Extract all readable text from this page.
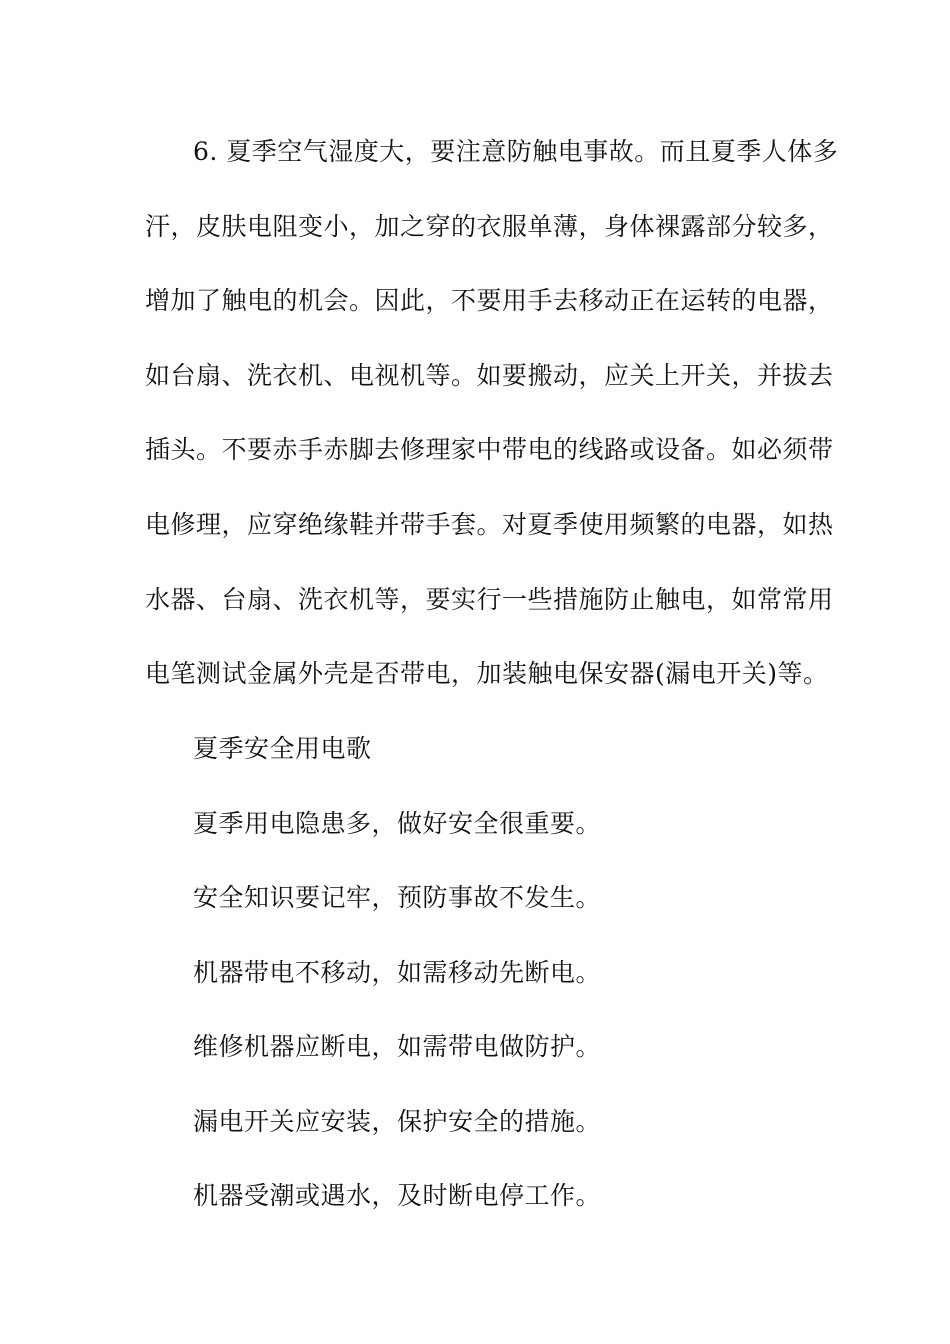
6. 夏季空气湿度大，要注意防触电事故。而且夏季人体多
汗，皮肤电阻变小，加之穿的衣服单薄，身体裸露部分较多，
增加了触电的机会。因此，不要用手去移动正在运转的电器，
如台扇、洗衣机、电视机等。如要搬动，应关上开关，并拔去
插头。不要赤手赤脚去修理家中带电的线路或设备。如必须带
电修理，应穿绝缘鞋并带手套。对夏季使用频繁的电器，如热
水器、台扇、洗衣机等，要实行一些措施防止触电，如常常用
电笔测试金属外壳是否带电，加装触电保安器(漏电开关)等。
夏季安全用电歌
夏季用电隐患多，做好安全很重要。
安全知识要记牢，预防事故不发生。
机器带电不移动，如需移动先断电。
维修机器应断电，如需带电做防护。
漏电开关应安装，保护安全的措施。
机器受潮或遇水，及时断电停工作。
